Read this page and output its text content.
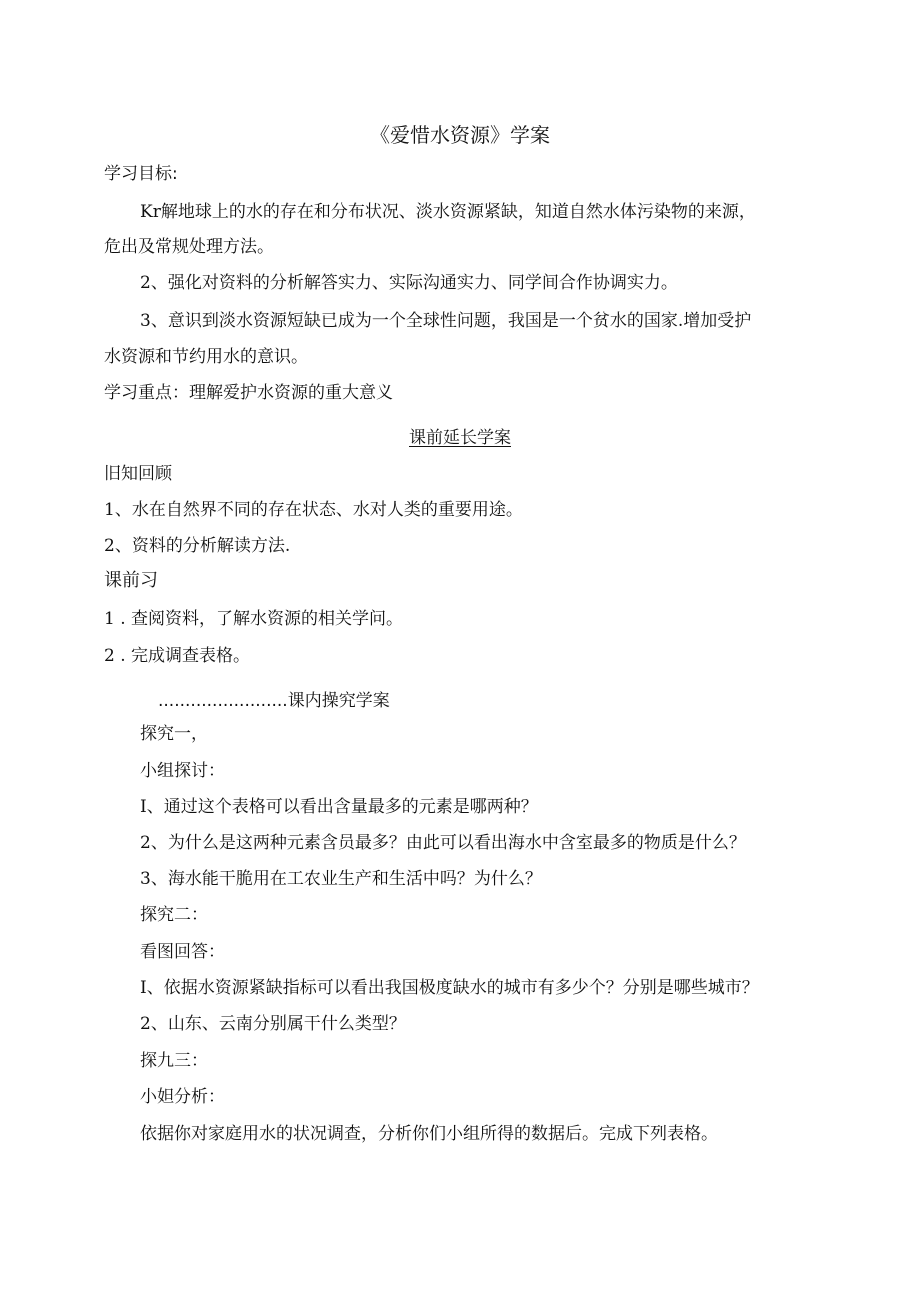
《爱惜水资源》学案

学习目标:

Kr解地球上的水的存在和分布状况、淡水资源紧缺，知道自然水体污染物的来源，

危出及常规处理方法。

2、强化对资料的分析解答实力、实际沟通实力、同学间合作协调实力。

3、意识到淡水资源短缺已成为一个全球性问题，我国是一个贫水的国家.增加受护

水资源和节约用水的意识。

学习重点：理解爱护水资源的重大意义

课前延长学案

旧知回顾

1、水在自然界不同的存在状态、水对人类的重要用途。

2、资料的分析解读方法.

课前习

1 . 查阅资料，了解水资源的相关学问。

2 . 完成调查表格。

........................课内操究学案

探究一，

小组探讨：

I、通过这个表格可以看出含量最多的元素是哪两种？

2、为什么是这两种元素含员最多？由此可以看出海水中含室最多的物质是什么？

3、海水能干脆用在工农业生产和生活中吗？为什么？

探究二：

看图回答：

I、依据水资源紧缺指标可以看出我国极度缺水的城市有多少个？分别是哪些城市？

2、山东、云南分别属干什么类型？

探九三：

小妲分析：

依据你对家庭用水的状况调查，分析你们小组所得的数据后。完成下列表格。
